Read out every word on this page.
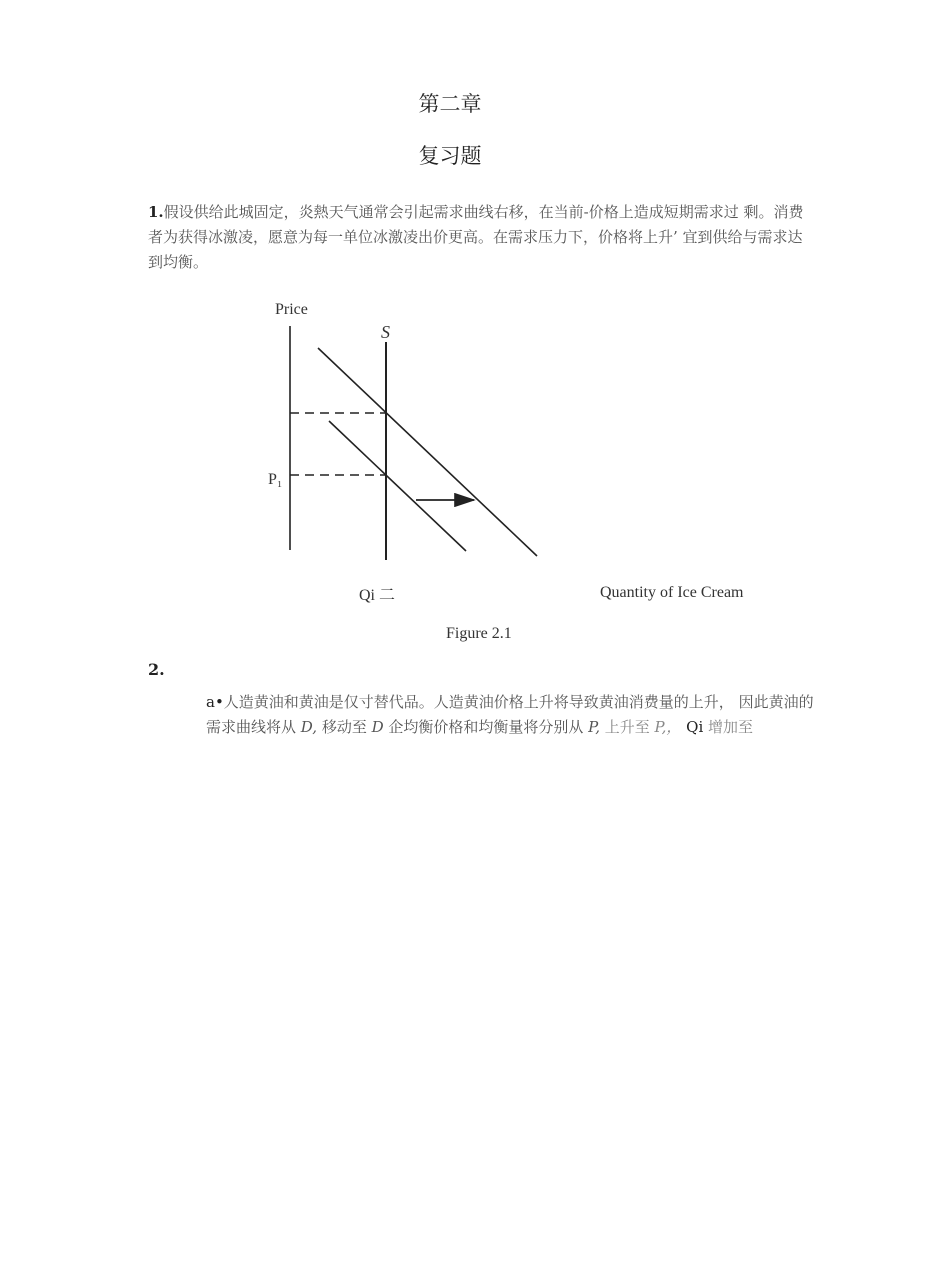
第二章
复习题
1.假设供给此城固定，炎熱天气通常会引起需求曲线右移，在当前-价格上造成短期需求过 剩。消费者为获得冰激凌，愿意为每一单位冰激凌出价更高。在需求压力下，价格将上升’ 宜到供给与需求达到均衡。
Price
S
P₁
Qi 二	Quantity of Ice Cream
Figure 2.1
2.
a•人造黄油和黄油是仅寸替代品。人造黄油价格上升将导致黄油消费量的上升， 因此黄油的需求曲线将从 D, 移动至 D 企均衡价格和均衡量将分别从 P, 上升至 P,， Qi 增加至
